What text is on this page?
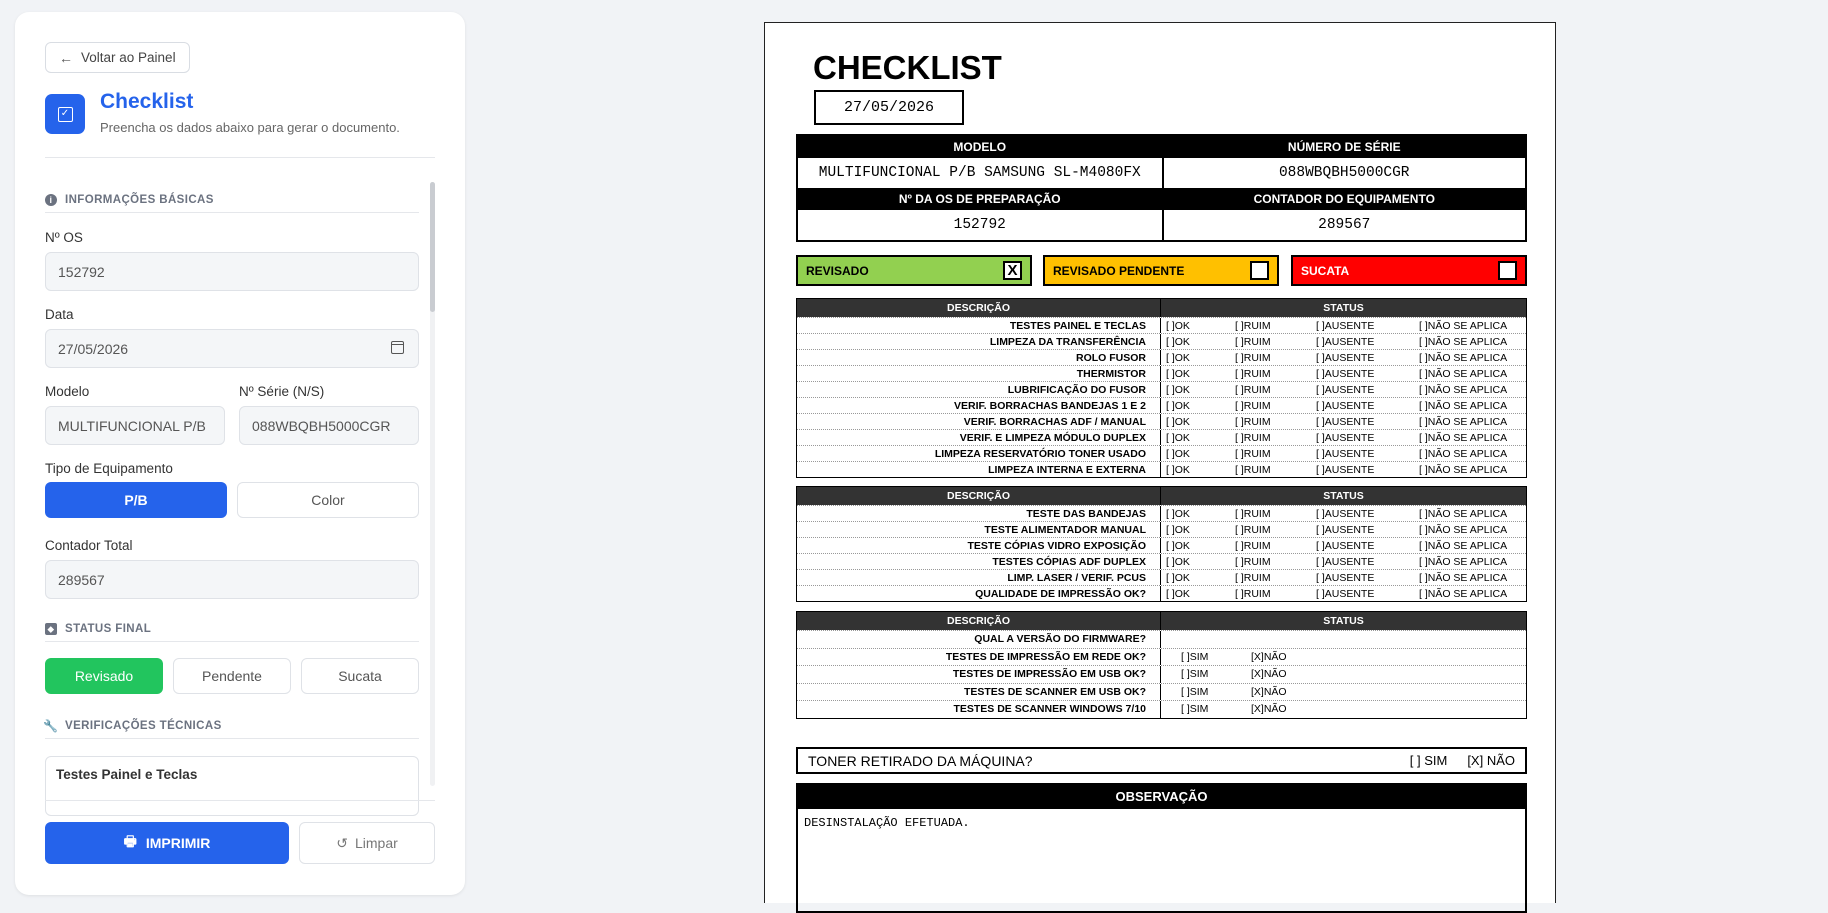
← Voltar ao Painel
✓
Checklist
Preencha os dados abaixo para gerar o documento.
i	INFORMAÇÕES BÁSICAS
Nº OS
152792
Data
27/05/2026
Modelo
MULTIFUNCIONAL P/B
Nº Série (N/S)
088WBQBH5000CGR
Tipo de Equipamento
P/B	Color
Contador Total
289567
⬥ STATUS FINAL
Revisado	Pendente	Sucata
🔧 VERIFICAÇÕES TÉCNICAS
Testes Painel e Teclas
🖶 IMPRIMIR	↺ Limpar
CHECKLIST
27/05/2026
MODELO	NÚMERO DE SÉRIE
MULTIFUNCIONAL P/B SAMSUNG SL-M4080FX	088WBQBH5000CGR
Nº DA OS DE PREPARAÇÃO	CONTADOR DO EQUIPAMENTO
152792	289567
REVISADO	X	REVISADO PENDENTE	SUCATA
DESCRIÇÃO	STATUS
TESTES PAINEL E TECLAS	[ ]OK	[ ]RUIM	[ ]AUSENTE	[ ]NÃO SE APLICA
LIMPEZA DA TRANSFERÊNCIA	[ ]OK	[ ]RUIM	[ ]AUSENTE	[ ]NÃO SE APLICA
ROLO FUSOR	[ ]OK	[ ]RUIM	[ ]AUSENTE	[ ]NÃO SE APLICA
THERMISTOR	[ ]OK	[ ]RUIM	[ ]AUSENTE	[ ]NÃO SE APLICA
LUBRIFICAÇÃO DO FUSOR	[ ]OK	[ ]RUIM	[ ]AUSENTE	[ ]NÃO SE APLICA
VERIF. BORRACHAS BANDEJAS 1 E 2	[ ]OK	[ ]RUIM	[ ]AUSENTE	[ ]NÃO SE APLICA
VERIF. BORRACHAS ADF / MANUAL	[ ]OK	[ ]RUIM	[ ]AUSENTE	[ ]NÃO SE APLICA
VERIF. E LIMPEZA MÓDULO DUPLEX	[ ]OK	[ ]RUIM	[ ]AUSENTE	[ ]NÃO SE APLICA
LIMPEZA RESERVATÓRIO TONER USADO	[ ]OK	[ ]RUIM	[ ]AUSENTE	[ ]NÃO SE APLICA
LIMPEZA INTERNA E EXTERNA	[ ]OK	[ ]RUIM	[ ]AUSENTE	[ ]NÃO SE APLICA
DESCRIÇÃO	STATUS
TESTE DAS BANDEJAS	[ ]OK	[ ]RUIM	[ ]AUSENTE	[ ]NÃO SE APLICA
TESTE ALIMENTADOR MANUAL	[ ]OK	[ ]RUIM	[ ]AUSENTE	[ ]NÃO SE APLICA
TESTE CÓPIAS VIDRO EXPOSIÇÃO	[ ]OK	[ ]RUIM	[ ]AUSENTE	[ ]NÃO SE APLICA
TESTES CÓPIAS ADF DUPLEX	[ ]OK	[ ]RUIM	[ ]AUSENTE	[ ]NÃO SE APLICA
LIMP. LASER / VERIF. PCUS	[ ]OK	[ ]RUIM	[ ]AUSENTE	[ ]NÃO SE APLICA
QUALIDADE DE IMPRESSÃO OK?	[ ]OK	[ ]RUIM	[ ]AUSENTE	[ ]NÃO SE APLICA
DESCRIÇÃO	STATUS
QUAL A VERSÃO DO FIRMWARE?
TESTES DE IMPRESSÃO EM REDE OK?	[ ]SIM	[X]NÃO
TESTES DE IMPRESSÃO EM USB OK?	[ ]SIM	[X]NÃO
TESTES DE SCANNER EM USB OK?	[ ]SIM	[X]NÃO
TESTES DE SCANNER WINDOWS 7/10	[ ]SIM	[X]NÃO
TONER RETIRADO DA MÁQUINA?	[ ] SIM [X] NÃO
OBSERVAÇÃO
DESINSTALAÇÃO EFETUADA.
